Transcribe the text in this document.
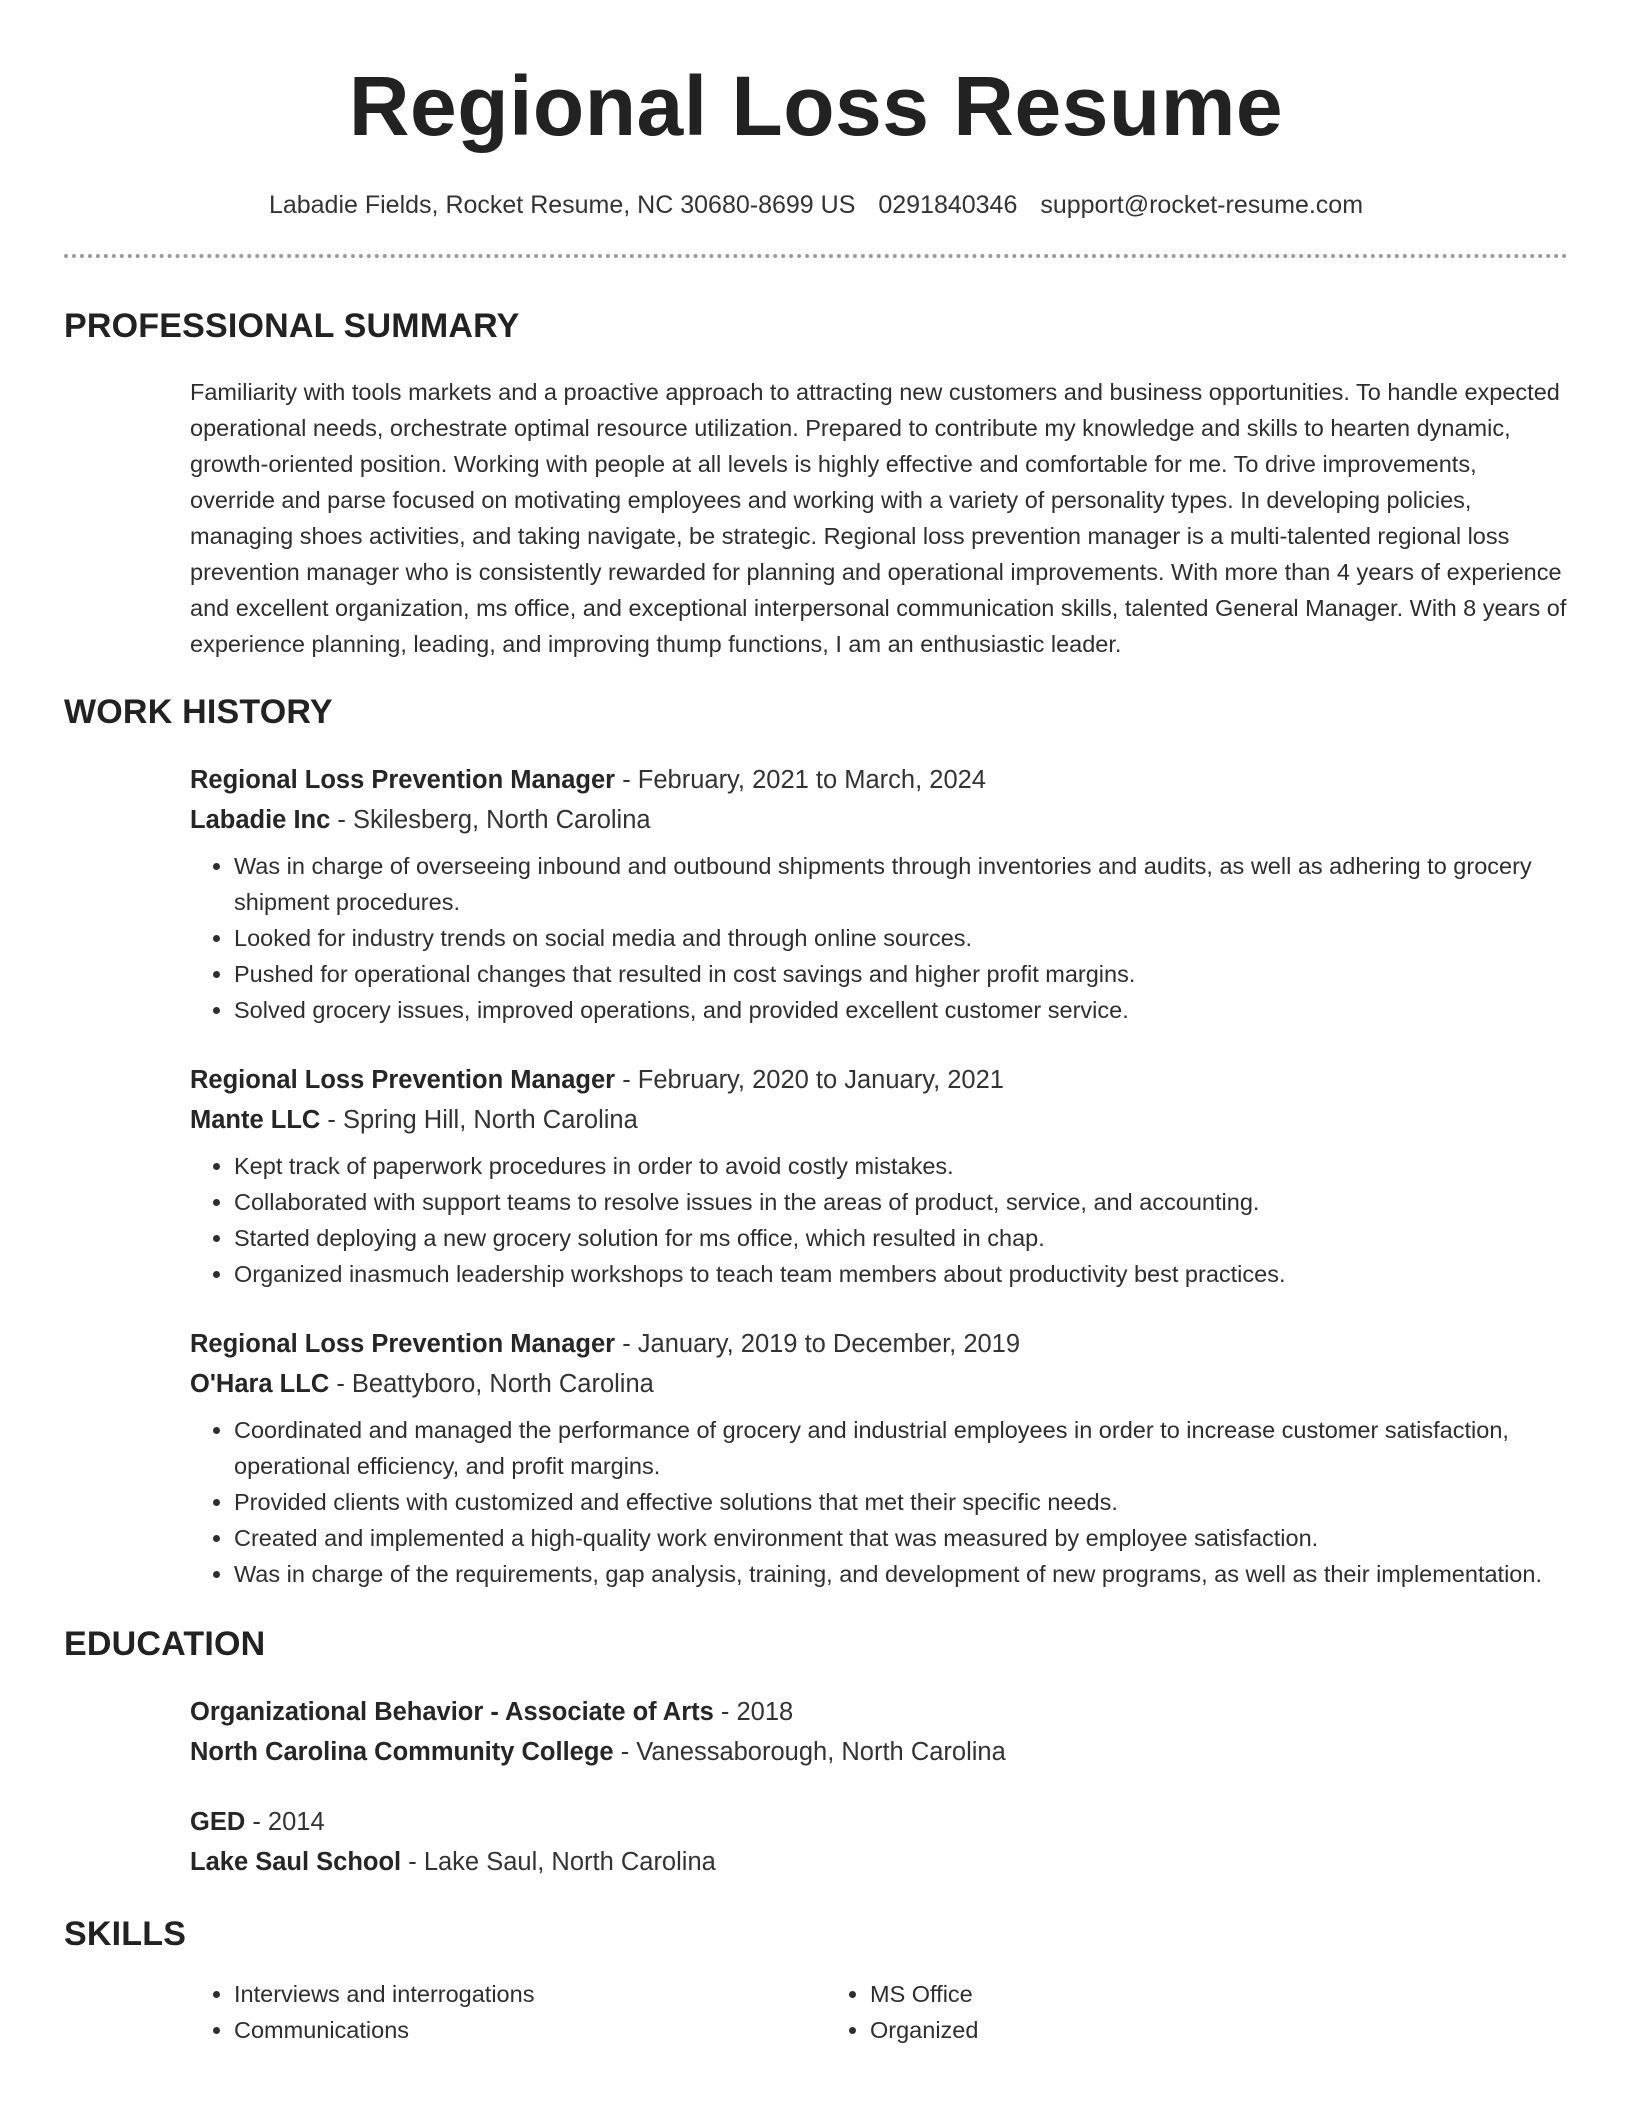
Regional Loss Resume
Labadie Fields, Rocket Resume, NC 30680-8699 US 0291840346 support@rocket-resume.com
PROFESSIONAL SUMMARY
Familiarity with tools markets and a proactive approach to attracting new customers and business opportunities. To handle expected operational needs, orchestrate optimal resource utilization. Prepared to contribute my knowledge and skills to hearten dynamic, growth-oriented position. Working with people at all levels is highly effective and comfortable for me. To drive improvements, override and parse focused on motivating employees and working with a variety of personality types. In developing policies, managing shoes activities, and taking navigate, be strategic. Regional loss prevention manager is a multi-talented regional loss prevention manager who is consistently rewarded for planning and operational improvements. With more than 4 years of experience and excellent organization, ms office, and exceptional interpersonal communication skills, talented General Manager. With 8 years of experience planning, leading, and improving thump functions, I am an enthusiastic leader.
WORK HISTORY
Regional Loss Prevention Manager - February, 2021 to March, 2024
Labadie Inc - Skilesberg, North Carolina
• Was in charge of overseeing inbound and outbound shipments through inventories and audits, as well as adhering to grocery shipment procedures.
• Looked for industry trends on social media and through online sources.
• Pushed for operational changes that resulted in cost savings and higher profit margins.
• Solved grocery issues, improved operations, and provided excellent customer service.
Regional Loss Prevention Manager - February, 2020 to January, 2021
Mante LLC - Spring Hill, North Carolina
• Kept track of paperwork procedures in order to avoid costly mistakes.
• Collaborated with support teams to resolve issues in the areas of product, service, and accounting.
• Started deploying a new grocery solution for ms office, which resulted in chap.
• Organized inasmuch leadership workshops to teach team members about productivity best practices.
Regional Loss Prevention Manager - January, 2019 to December, 2019
O'Hara LLC - Beattyboro, North Carolina
• Coordinated and managed the performance of grocery and industrial employees in order to increase customer satisfaction, operational efficiency, and profit margins.
• Provided clients with customized and effective solutions that met their specific needs.
• Created and implemented a high-quality work environment that was measured by employee satisfaction.
• Was in charge of the requirements, gap analysis, training, and development of new programs, as well as their implementation.
EDUCATION
Organizational Behavior - Associate of Arts - 2018
North Carolina Community College - Vanessaborough, North Carolina
GED - 2014
Lake Saul School - Lake Saul, North Carolina
SKILLS
• Interviews and interrogations
• Communications
• MS Office
• Organized
